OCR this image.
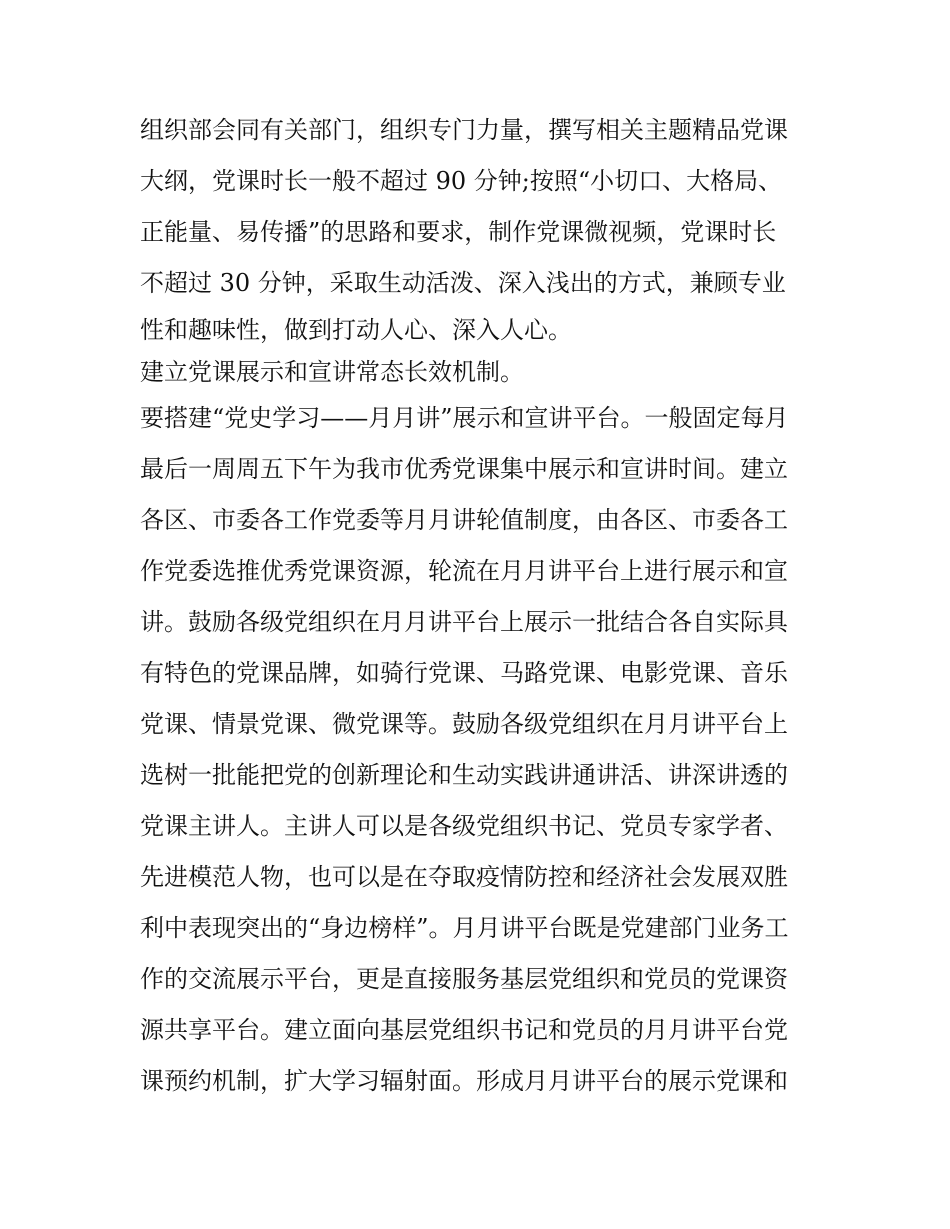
组织部会同有关部门，组织专门力量，撰写相关主题精品党课
大纲，党课时长一般不超过 90 分钟;按照“小切口、大格局、
正能量、易传播”的思路和要求，制作党课微视频，党课时长
不超过 30 分钟，采取生动活泼、深入浅出的方式，兼顾专业
性和趣味性，做到打动人心、深入人心。
建立党课展示和宣讲常态长效机制。
要搭建“党史学习——月月讲”展示和宣讲平台。一般固定每月
最后一周周五下午为我市优秀党课集中展示和宣讲时间。建立
各区、市委各工作党委等月月讲轮值制度，由各区、市委各工
作党委选推优秀党课资源，轮流在月月讲平台上进行展示和宣
讲。鼓励各级党组织在月月讲平台上展示一批结合各自实际具
有特色的党课品牌，如骑行党课、马路党课、电影党课、音乐
党课、情景党课、微党课等。鼓励各级党组织在月月讲平台上
选树一批能把党的创新理论和生动实践讲通讲活、讲深讲透的
党课主讲人。主讲人可以是各级党组织书记、党员专家学者、
先进模范人物，也可以是在夺取疫情防控和经济社会发展双胜
利中表现突出的“身边榜样”。月月讲平台既是党建部门业务工
作的交流展示平台，更是直接服务基层党组织和党员的党课资
源共享平台。建立面向基层党组织书记和党员的月月讲平台党
课预约机制，扩大学习辐射面。形成月月讲平台的展示党课和
